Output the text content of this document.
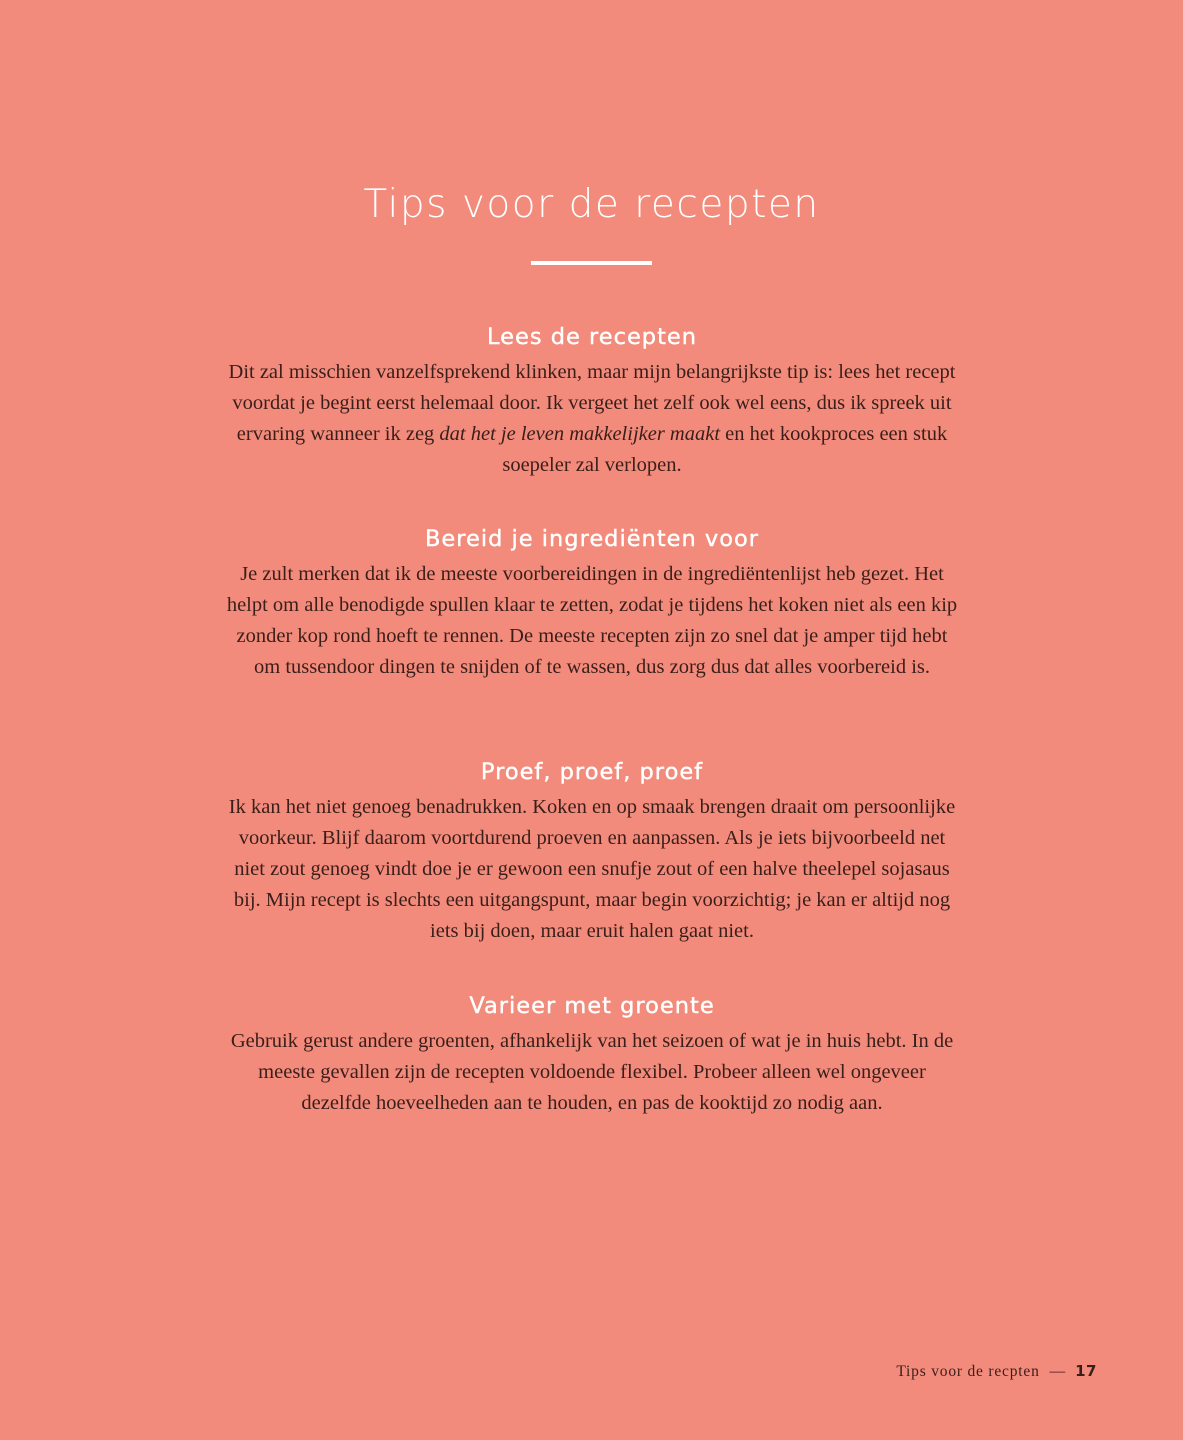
Tips voor de recepten
Lees de recepten

Dit zal misschien vanzelfsprekend klinken, maar mijn belangrijkste tip is: lees het recept voordat je begint eerst helemaal door. Ik vergeet het zelf ook wel eens, dus ik spreek uit ervaring wanneer ik zeg dat het je leven makkelijker maakt en het kookproces een stuk soepeler zal verlopen.

Bereid je ingrediënten voor

Je zult merken dat ik de meeste voorbereidingen in de ingrediëntenlijst heb gezet. Het helpt om alle benodigde spullen klaar te zetten, zodat je tijdens het koken niet als een kip zonder kop rond hoeft te rennen. De meeste recepten zijn zo snel dat je amper tijd hebt om tussendoor dingen te snijden of te wassen, dus zorg dus dat alles voorbereid is.

Proef, proef, proef

Ik kan het niet genoeg benadrukken. Koken en op smaak brengen draait om persoonlijke voorkeur. Blijf daarom voortdurend proeven en aanpassen. Als je iets bijvoorbeeld net niet zout genoeg vindt doe je er gewoon een snufje zout of een halve theelepel sojasaus bij. Mijn recept is slechts een uitgangspunt, maar begin voorzichtig; je kan er altijd nog iets bij doen, maar eruit halen gaat niet.

Varieer met groente

Gebruik gerust andere groenten, afhankelijk van het seizoen of wat je in huis hebt. In de meeste gevallen zijn de recepten voldoende flexibel. Probeer alleen wel ongeveer dezelfde hoeveelheden aan te houden, en pas de kooktijd zo nodig aan.

Tips voor de recpten — 17
